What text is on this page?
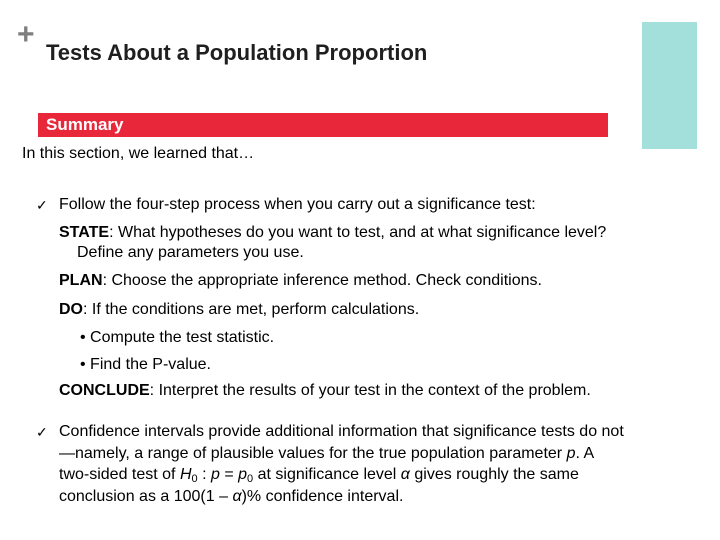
+
Tests About a Population Proportion
Summary
In this section, we learned that…
✓ Follow the four-step process when you carry out a significance test:
STATE: What hypotheses do you want to test, and at what significance level?
Define any parameters you use.
PLAN: Choose the appropriate inference method. Check conditions.
DO: If the conditions are met, perform calculations.
• Compute the test statistic.
• Find the P-value.
CONCLUDE: Interpret the results of your test in the context of the problem.
✓ Confidence intervals provide additional information that significance tests do not
—namely, a range of plausible values for the true population parameter p. A
two-sided test of $H_0$ : $p = p_0$ at significance level α gives roughly the same
conclusion as a 100(1 – α)% confidence interval.
